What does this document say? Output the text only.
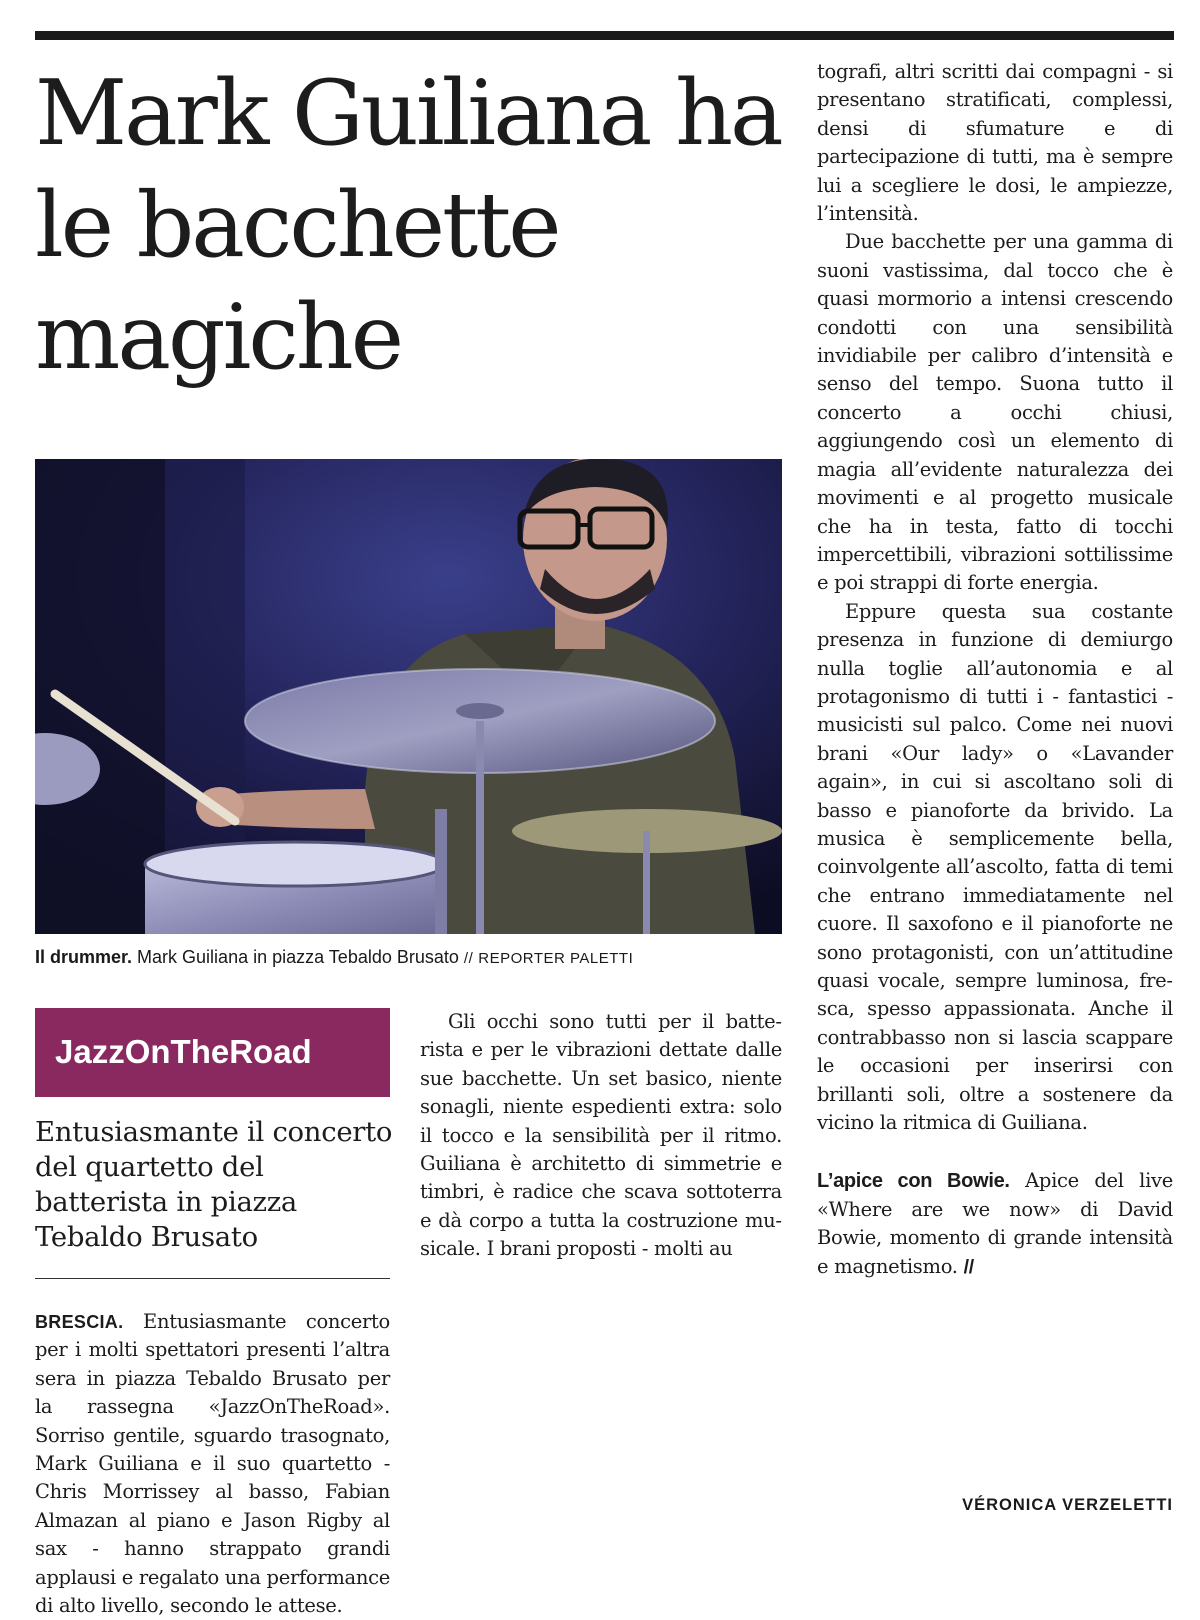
Mark Guiliana ha le bacchette magiche
Il drummer. Mark Guiliana in piazza Tebaldo Brusato // REPORTER PALETTI
JazzOnTheRoad
Entusiasmante il concerto del quartetto del batterista in piazza Tebaldo Brusato

BRESCIA. Entusiasmante concerto per i molti spettatori presenti l’altra sera in piazza Tebaldo Brusato per la rassegna «JazzOnTheRoad». Sorriso gentile, sguardo trasognato, Mark Guiliana e il suo quartetto - Chris Morrissey al basso, Fabian Almazan al piano e Jason Rigby al sax - hanno strappato grandi applausi e regalato una performance di alto livello, secondo le attese.

Gli occhi sono tutti per il batterista e per le vibrazioni dettate dalle sue bacchette. Un set basico, niente sonagli, niente espedienti extra: solo il tocco e la sensibilità per il ritmo. Guiliana è architetto di simmetrie e timbri, è radice che scava sottoterra e dà corpo a tutta la costruzione musicale. I brani proposti - molti au

tografi, altri scritti dai compagni - si presentano stratificati, complessi, densi di sfumature e di partecipazione di tutti, ma è sempre lui a scegliere le dosi, le ampiezze, l’intensità.

Due bacchette per una gamma di suoni vastissima, dal tocco che è quasi mormorio a intensi crescendo condotti con una sensibilità invidiabile per calibro d’intensità e senso del tempo. Suona tutto il concerto a occhi chiusi, aggiungendo così un elemento di magia all’evidente naturalezza dei movimenti e al progetto musicale che ha in testa, fatto di tocchi impercettibili, vibrazioni sottilissime e poi strappi di forte energia.

Eppure questa sua costante presenza in funzione di demiurgo nulla toglie all’autonomia e al protagonismo di tutti i - fantastici - musicisti sul palco. Come nei nuovi brani «Our lady» o «Lavander again», in cui si ascoltano soli di basso e pianoforte da brivido. La musica è semplicemente bella, coinvolgente all’ascolto, fatta di temi che entrano immediatamente nel cuore. Il saxofono e il pianoforte ne sono protagonisti, con un’attitudine quasi vocale, sempre luminosa, fresca, spesso appassionata. Anche il contrabbasso non si lascia scappare le occasioni per inserirsi con brillanti soli, oltre a sostenere da vicino la ritmica di Guiliana.

L’apice con Bowie. Apice del live «Where are we now» di David Bowie, momento di grande intensità e magnetismo. //

VÉRONICA VERZELETTI
